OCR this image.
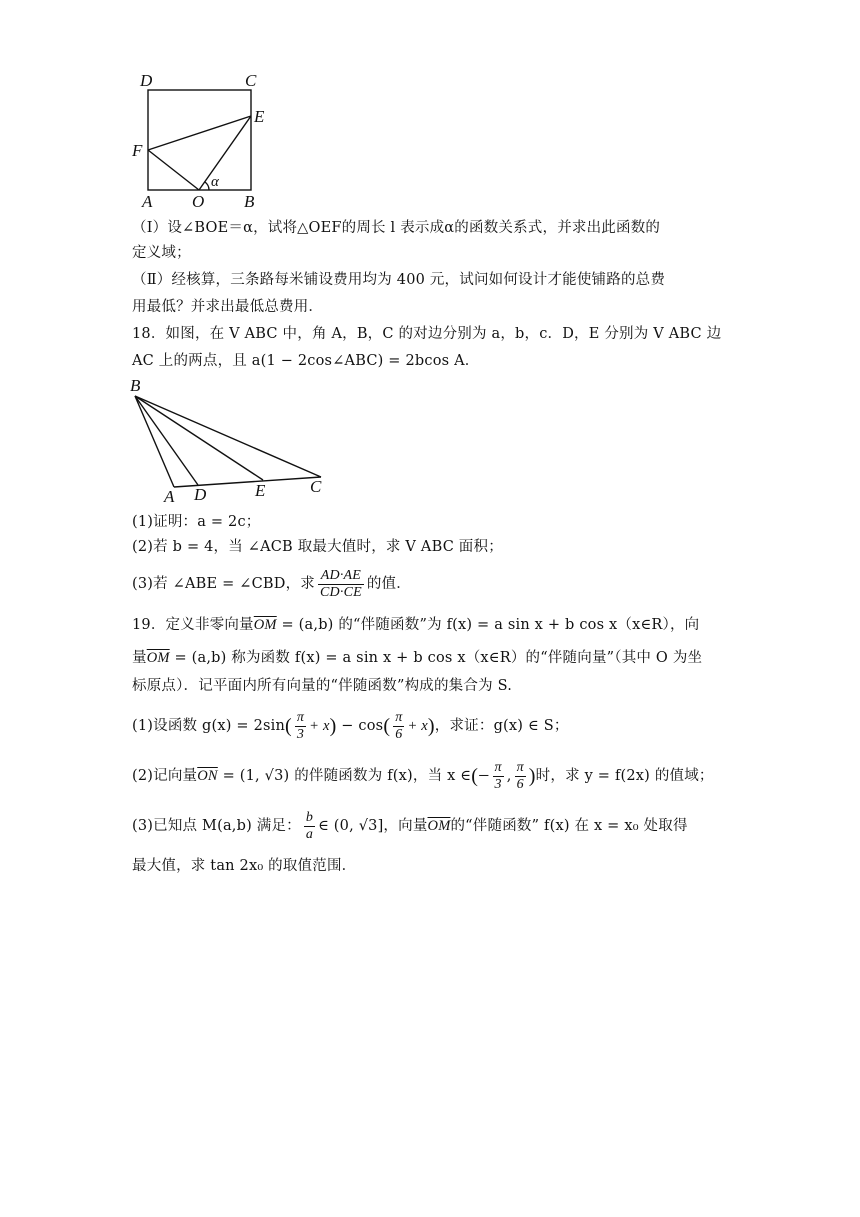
D	C
E
F
α
A O B
（Ⅰ）设∠BOE＝α，试将△OEF的周长 l 表示成α的函数关系式，并求出此函数的
定义域；
（Ⅱ）经核算，三条路每米铺设费用均为 400 元，试问如何设计才能使铺路的总费
用最低？并求出最低总费用．
18．如图，在 V ABC 中，角 A，B，C 的对边分别为 a，b，c．D，E 分别为 V ABC 边
AC 上的两点，且 a(1 − 2cos∠ABC) = 2bcos A．
B
A D	E	C
(1)证明：a = 2c；
(2)若 b = 4，当 ∠ACB 取最大值时，求 V ABC 面积；
(3)若 ∠ABE = ∠CBD，求 $\frac{AD\cdot AE}{CD\cdot CE}$ 的值．
19．定义非零向量$\overline{OM} = (a,b)$ 的“伴随函数”为 f(x) = a sin x + b cos x（x∈R），向
量$\overline{OM} = (a,b)$ 称为函数 f(x) = a sin x + b cos x（x∈R）的“伴随向量”（其中 O 为坐
标原点）．记平面内所有向量的“伴随函数”构成的集合为 S.
(1)设函数 $g(x) = 2\sin( \frac{\pi}{3} + x) - \cos( \frac{\pi}{6} + x)$，求证：g(x) ∈ S；
(2)记向量$\overline{ON} = (1$, √3) 的伴随函数为 f(x)，当 x ∈(− $\frac{\pi}{3}$ , $\frac{\pi}{6}$ )时，求 y = f(2x) 的值域；
(3)已知点 M(a,b) 满足： $\frac{b}{a}$ ∈ (0, √3]，向量$\overline{OM}$的“伴随函数” f(x) 在 x = x₀ 处取得
最大值，求 tan 2x₀ 的取值范围．
